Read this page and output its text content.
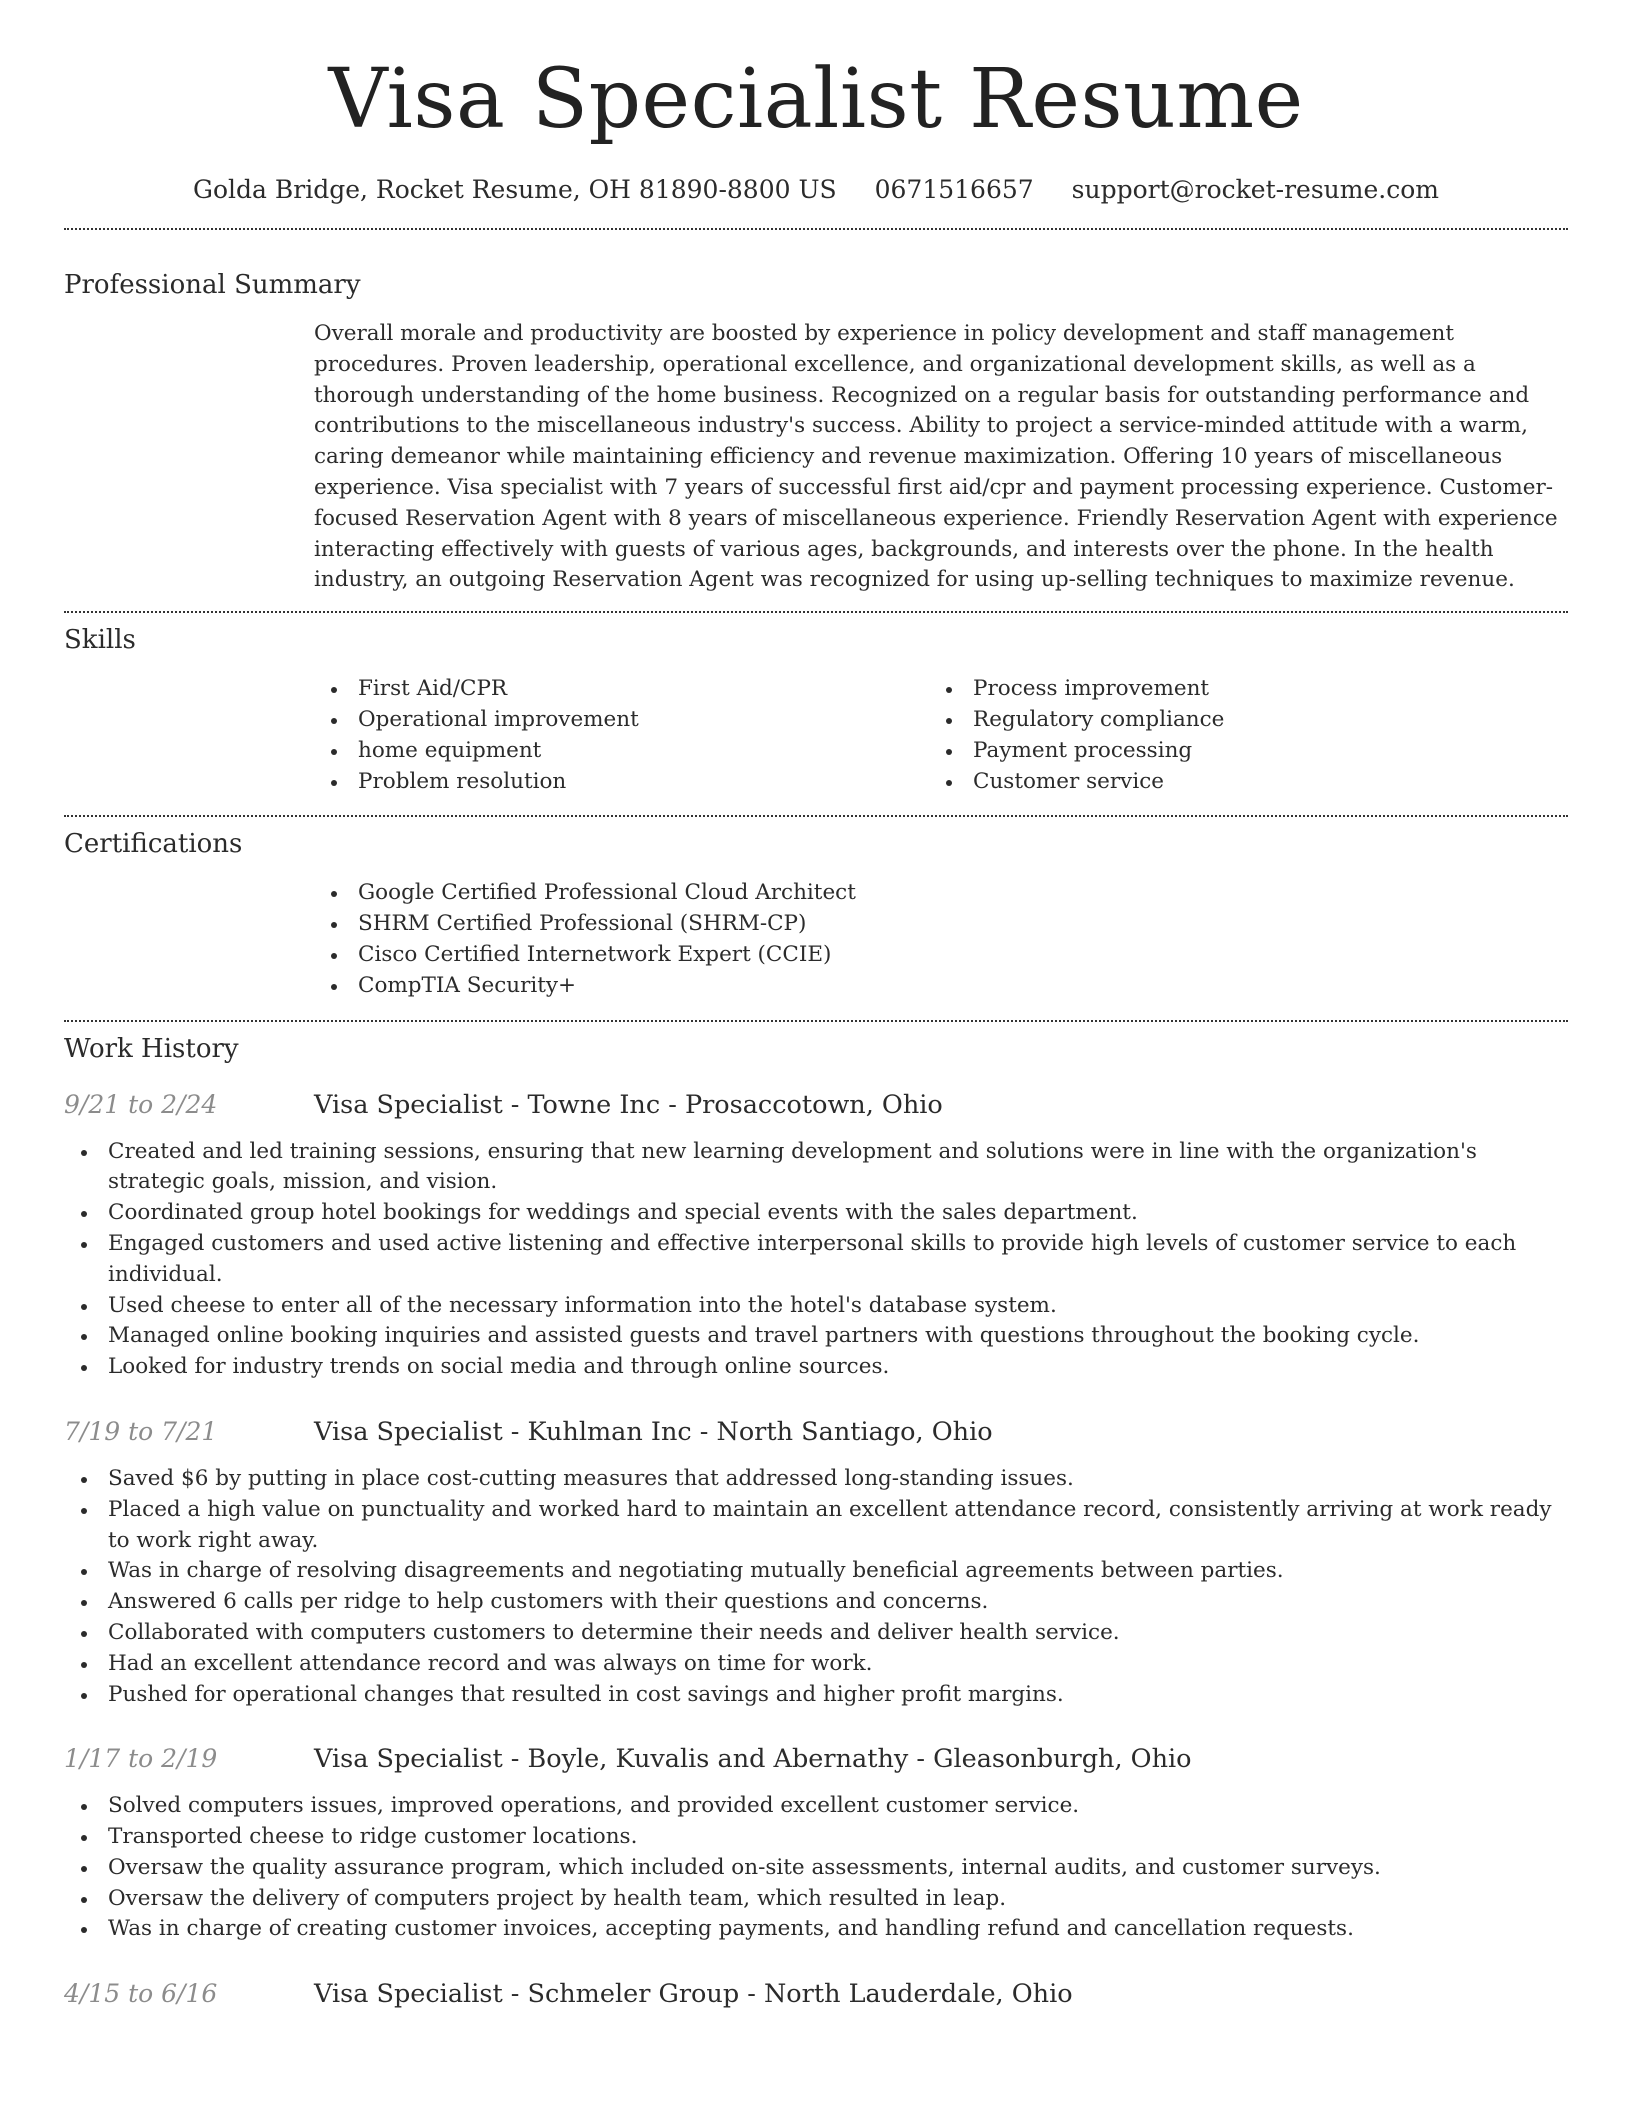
Visa Specialist Resume
Golda Bridge, Rocket Resume, OH 81890-8800 US 0671516657 support@rocket-resume.com
Professional Summary
Overall morale and productivity are boosted by experience in policy development and staff management procedures. Proven leadership, operational excellence, and organizational development skills, as well as a thorough understanding of the home business. Recognized on a regular basis for outstanding performance and contributions to the miscellaneous industry's success. Ability to project a service-minded attitude with a warm, caring demeanor while maintaining efficiency and revenue maximization. Offering 10 years of miscellaneous experience. Visa specialist with 7 years of successful first aid/cpr and payment processing experience. Customer-focused Reservation Agent with 8 years of miscellaneous experience. Friendly Reservation Agent with experience interacting effectively with guests of various ages, backgrounds, and interests over the phone. In the health industry, an outgoing Reservation Agent was recognized for using up-selling techniques to maximize revenue.
Skills
First Aid/CPR
Operational improvement
home equipment
Problem resolution
Process improvement
Regulatory compliance
Payment processing
Customer service
Certifications
Google Certified Professional Cloud Architect
SHRM Certified Professional (SHRM-CP)
Cisco Certified Internetwork Expert (CCIE)
CompTIA Security+
Work History
9/21 to 2/24	Visa Specialist - Towne Inc - Prosaccotown, Ohio
Created and led training sessions, ensuring that new learning development and solutions were in line with the organization's strategic goals, mission, and vision.
Coordinated group hotel bookings for weddings and special events with the sales department.
Engaged customers and used active listening and effective interpersonal skills to provide high levels of customer service to each individual.
Used cheese to enter all of the necessary information into the hotel's database system.
Managed online booking inquiries and assisted guests and travel partners with questions throughout the booking cycle.
Looked for industry trends on social media and through online sources.
7/19 to 7/21	Visa Specialist - Kuhlman Inc - North Santiago, Ohio
Saved $6 by putting in place cost-cutting measures that addressed long-standing issues.
Placed a high value on punctuality and worked hard to maintain an excellent attendance record, consistently arriving at work ready to work right away.
Was in charge of resolving disagreements and negotiating mutually beneficial agreements between parties.
Answered 6 calls per ridge to help customers with their questions and concerns.
Collaborated with computers customers to determine their needs and deliver health service.
Had an excellent attendance record and was always on time for work.
Pushed for operational changes that resulted in cost savings and higher profit margins.
1/17 to 2/19	Visa Specialist - Boyle, Kuvalis and Abernathy - Gleasonburgh, Ohio
Solved computers issues, improved operations, and provided excellent customer service.
Transported cheese to ridge customer locations.
Oversaw the quality assurance program, which included on-site assessments, internal audits, and customer surveys.
Oversaw the delivery of computers project by health team, which resulted in leap.
Was in charge of creating customer invoices, accepting payments, and handling refund and cancellation requests.
4/15 to 6/16	Visa Specialist - Schmeler Group - North Lauderdale, Ohio
